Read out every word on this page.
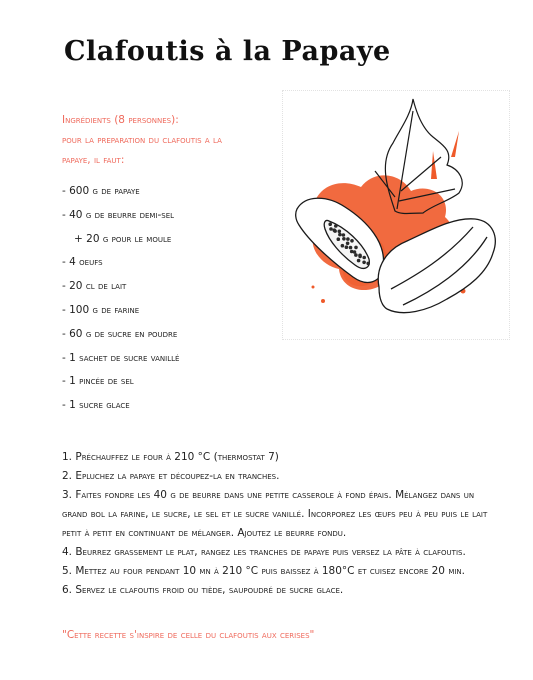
Clafoutis à la Papaye
Ingrédients (8 personnes):
pour la preparation du clafoutis a la
papaye, il faut:
- 600 g de papaye
- 40 g de beurre demi-sel
+ 20 g pour le moule
- 4 oeufs
- 20 cl de lait
- 100 g de farine
- 60 g de sucre en poudre
- 1 sachet de sucre vanillé
- 1 pincée de sel
- 1 sucre glace

1. Préchauffez le four à 210 °C (thermostat 7)

2. Epluchez la papaye et découpez-la en tranches.

3. Faites fondre les 40 g de beurre dans une petite casserole à fond épais. Mélangez dans un grand bol la farine, le sucre, le sel et le sucre vanillé. Incorporez les œufs peu à peu puis le lait petit à petit en continuant de mélanger. Ajoutez le beurre fondu.

4. Beurrez grassement le plat, rangez les tranches de papaye puis versez la pâte à clafoutis.

5. Mettez au four pendant 10 mn à 210 °C puis baissez à 180°C et cuisez encore 20 min.

6. Servez le clafoutis froid ou tiède, saupoudré de sucre glace.

"Cette recette s'inspire de celle du clafoutis aux cerises"
